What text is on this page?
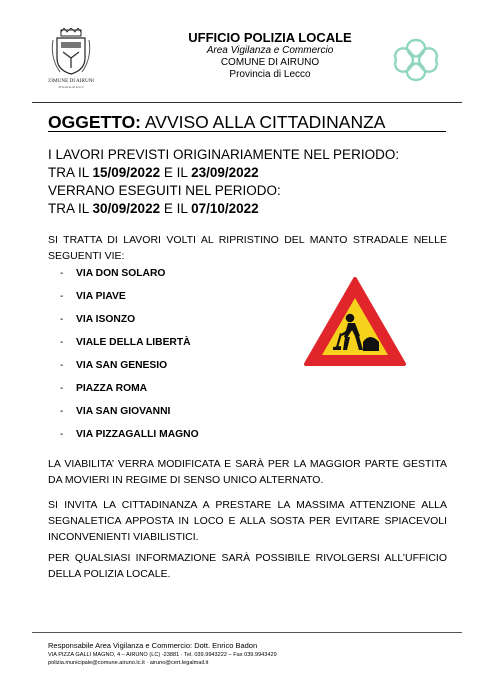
COMUNE DI AIRUNO
Provincia di Lecco
UFFICIO POLIZIA LOCALE
Area Vigilanza e Commercio
COMUNE DI AIRUNO
Provincia di Lecco
OGGETTO: AVVISO ALLA CITTADINANZA
I LAVORI PREVISTI ORIGINARIAMENTE NEL PERIODO:
TRA IL 15/09/2022 E IL 23/09/2022
VERRANO ESEGUITI NEL PERIODO:
TRA IL 30/09/2022 E IL 07/10/2022
SI TRATTA DI LAVORI VOLTI AL RIPRISTINO DEL MANTO STRADALE NELLE SEGUENTI VIE:
-	VIA DON SOLARO
-	VIA PIAVE
-	VIA ISONZO
-	VIALE DELLA LIBERTÀ
-	VIA SAN GENESIO
-	PIAZZA ROMA
-	VIA SAN GIOVANNI
-	VIA PIZZAGALLI MAGNO
LA VIABILITA’ VERRA MODIFICATA E SARÀ PER LA MAGGIOR PARTE GESTITA DA MOVIERI IN REGIME DI SENSO UNICO ALTERNATO.
SI INVITA LA CITTADINANZA A PRESTARE LA MASSIMA ATTENZIONE ALLA SEGNALETICA APPOSTA IN LOCO E ALLA SOSTA PER EVITARE SPIACEVOLI INCONVENIENTI VIABILISTICI.
PER QUALSIASI INFORMAZIONE SARÀ POSSIBILE RIVOLGERSI ALL’UFFICIO DELLA POLIZIA LOCALE.
Responsabile Area Vigilanza e Commercio: Dott. Enrico Badon
VIA PIZZA GALLI MAGNO, 4 – AIRUNO (LC) -23881 · Tel. 039.9943222 – Fax 039.9943429
polizia.municipale@comune.airuno.lc.it · airuno@cert.legalmail.it
